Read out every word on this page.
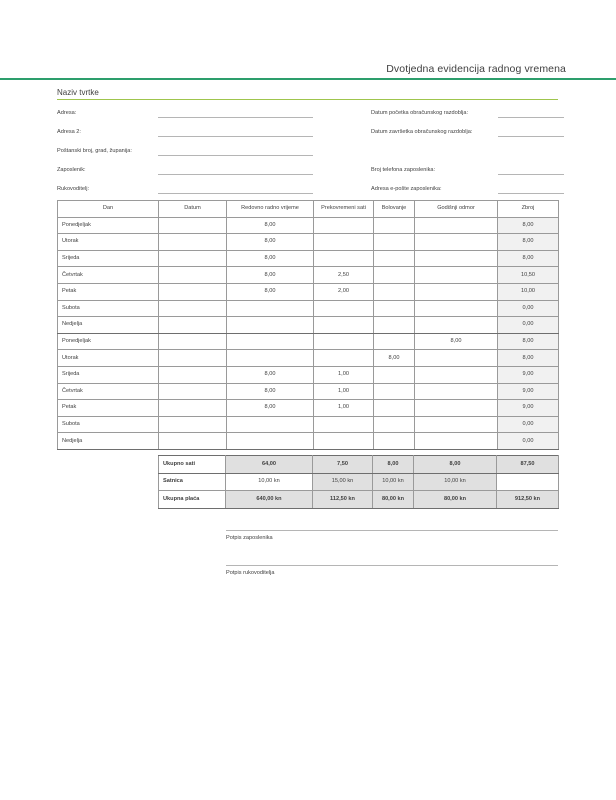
Dvotjedna evidencija radnog vremena
Naziv tvrtke
Adresa:
Adresa 2:
Poštanski broj, grad, županija:
Zaposlenik:
Rukovoditelj:
Datum početka obračunskog razdoblja:
Datum završetka obračunskog razdoblja:
Broj telefona zaposlenika:
Adresa e-pošte zaposlenika:
Dan	Datum	Redovno radno vrijeme	Prekovremeni sati	Bolovanje	Godišnji odmor	Zbroj
Ponedjeljak		8,00				8,00
Utorak		8,00				8,00
Srijeda		8,00				8,00
Četvrtak		8,00	2,50			10,50
Petak		8,00	2,00			10,00
Subota						0,00
Nedjelja						0,00
Ponedjeljak					8,00	8,00
Utorak				8,00		8,00
Srijeda		8,00	1,00			9,00
Četvrtak		8,00	1,00			9,00
Petak		8,00	1,00			9,00
Subota						0,00
Nedjelja						0,00
Ukupno sati	64,00	7,50	8,00	8,00	87,50
Satnica	10,00 kn	15,00 kn	10,00 kn	10,00 kn	
Ukupna plaća	640,00 kn	112,50 kn	80,00 kn	80,00 kn	912,50 kn
Potpis zaposlenika
Potpis rukovoditelja
